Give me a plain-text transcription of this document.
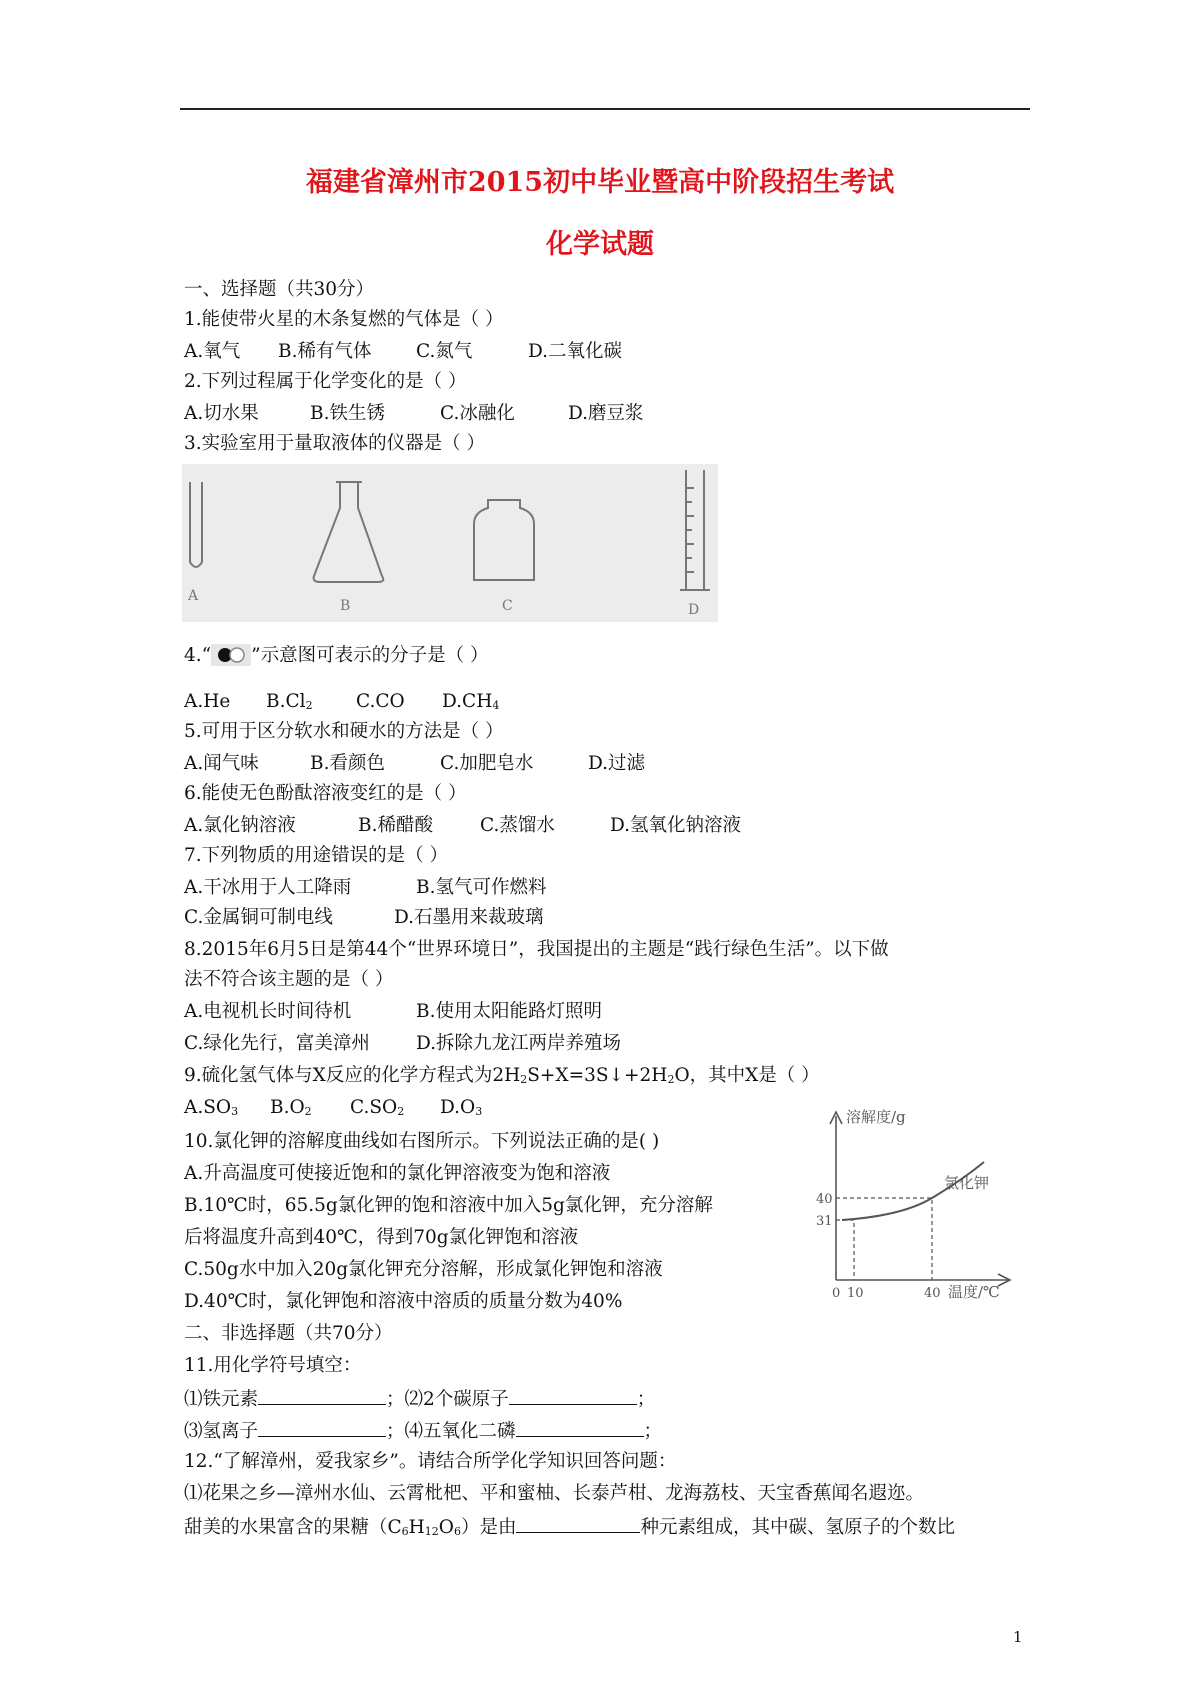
福建省漳州市2015初中毕业暨高中阶段招生考试
化学试题
一、选择题（共30分）
1.能使带火星的木条复燃的气体是（ ）
A.氧气 B.稀有气体 C.氮气	D.二氧化碳
2.下列过程属于化学变化的是（ ）
A.切水果	B.铁生锈	C.冰融化	D.磨豆浆
3.实验室用于量取液体的仪器是（ ）
A
B	C	D
4.“ ”示意图可表示的分子是（ ）
A.He B.Cl2 C.CO D.CH4
5.可用于区分软水和硬水的方法是（ ）
A.闻气味	B.看颜色	C.加肥皂水	D.过滤
6.能使无色酚酞溶液变红的是（ ）
A.氯化钠溶液	B.稀醋酸	C.蒸馏水	D.氢氧化钠溶液
7.下列物质的用途错误的是（ ）
A.干冰用于人工降雨	B.氢气可作燃料
C.金属铜可制电线	D.石墨用来裁玻璃
8.2015年6月5日是第44个“世界环境日”，我国提出的主题是“践行绿色生活”。以下做
法不符合该主题的是（ ）
A.电视机长时间待机	B.使用太阳能路灯照明
C.绿化先行，富美漳州 D.拆除九龙江两岸养殖场
9.硫化氢气体与X反应的化学方程式为2H2S+X=3S↓+2H2O，其中X是（ ）
A.SO3 B.O2 C.SO2 D.O3
10.氯化钾的溶解度曲线如右图所示。下列说法正确的是( )
A.升高温度可使接近饱和的氯化钾溶液变为饱和溶液
B.10℃时，65.5g氯化钾的饱和溶液中加入5g氯化钾，充分溶解
后将温度升高到40℃，得到70g氯化钾饱和溶液
C.50g水中加入20g氯化钾充分溶解，形成氯化钾饱和溶液
D.40℃时，氯化钾饱和溶液中溶质的质量分数为40%
溶解度/g
氯化钾
40
31
0 10	40 温度/℃
二、非选择题（共70分）
11.用化学符号填空：
⑴铁元素	；⑵2个碳原子	；
⑶氢离子	；⑷五氧化二磷	；
12.“了解漳州，爱我家乡”。请结合所学化学知识回答问题：
⑴花果之乡—漳州水仙、云霄枇杷、平和蜜柚、长泰芦柑、龙海荔枝、天宝香蕉闻名遐迩。
甜美的水果富含的果糖（C6H12O6）是由	种元素组成，其中碳、氢原子的个数比
1
